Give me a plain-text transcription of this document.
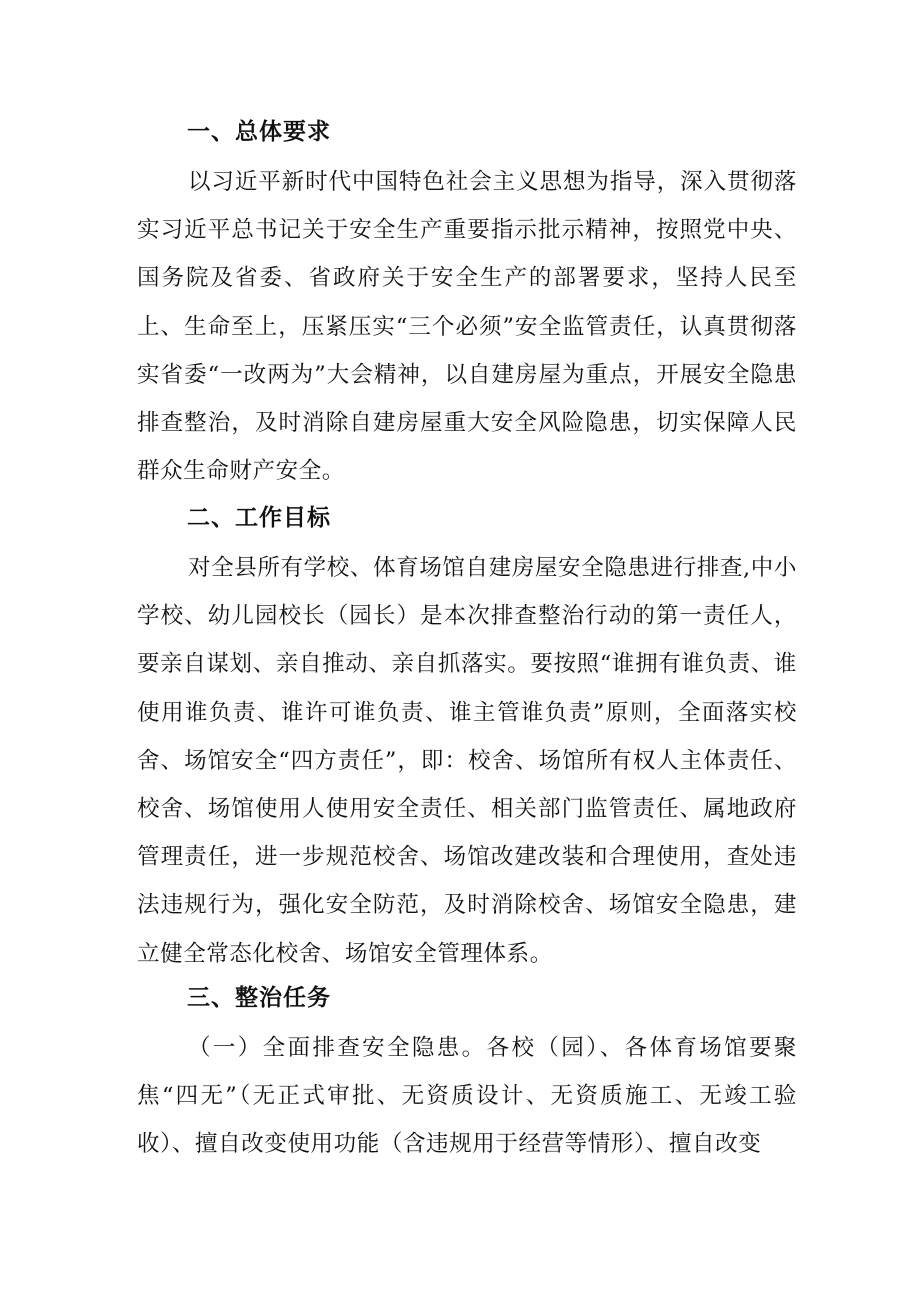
一、总体要求

以习近平新时代中国特色社会主义思想为指导，深入贯彻落实习近平总书记关于安全生产重要指示批示精神，按照党中央、国务院及省委、省政府关于安全生产的部署要求，坚持人民至上、生命至上，压紧压实“三个必须”安全监管责任，认真贯彻落实省委“一改两为”大会精神，以自建房屋为重点，开展安全隐患排查整治，及时消除自建房屋重大安全风险隐患，切实保障人民群众生命财产安全。

二、工作目标

对全县所有学校、体育场馆自建房屋安全隐患进行排查,中小学校、幼儿园校长（园长）是本次排查整治行动的第一责任人，要亲自谋划、亲自推动、亲自抓落实。要按照“谁拥有谁负责、谁使用谁负责、谁许可谁负责、谁主管谁负责”原则，全面落实校舍、场馆安全“四方责任”，即：校舍、场馆所有权人主体责任、校舍、场馆使用人使用安全责任、相关部门监管责任、属地政府管理责任，进一步规范校舍、场馆改建改装和合理使用，查处违法违规行为，强化安全防范，及时消除校舍、场馆安全隐患，建立健全常态化校舍、场馆安全管理体系。

三、整治任务

（一）全面排查安全隐患。各校（园）、各体育场馆要聚焦“四无”（无正式审批、无资质设计、无资质施工、无竣工验收）、擅自改变使用功能（含违规用于经营等情形）、擅自改变
